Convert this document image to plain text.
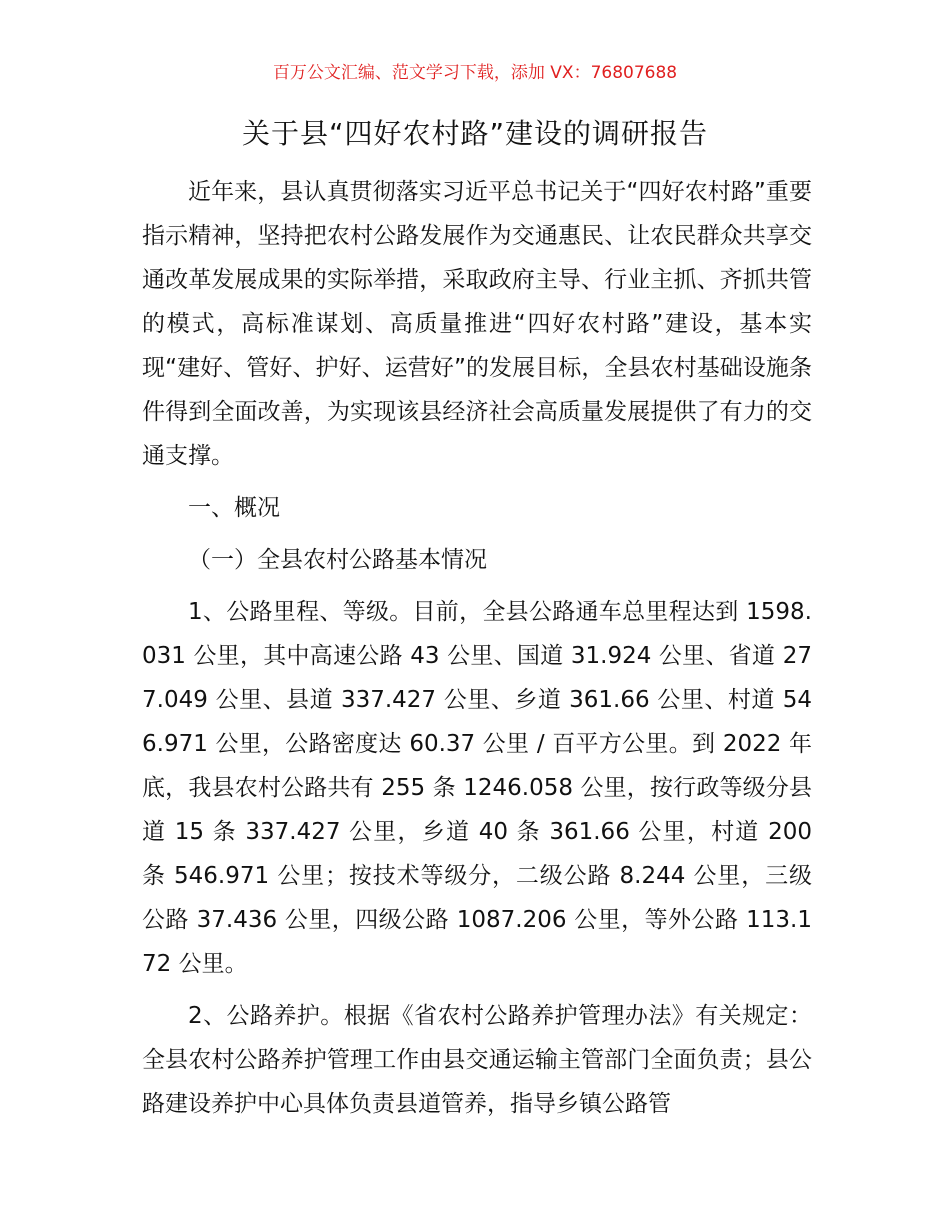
百万公文汇编、范文学习下载，添加 VX：76807688
关于县“四好农村路”建设的调研报告

近年来，县认真贯彻落实习近平总书记关于“四好农村路”重要指示精神，坚持把农村公路发展作为交通惠民、让农民群众共享交通改革发展成果的实际举措，采取政府主导、行业主抓、齐抓共管的模式，高标准谋划、高质量推进“四好农村路”建设，基本实现“建好、管好、护好、运营好”的发展目标，全县农村基础设施条件得到全面改善，为实现该县经济社会高质量发展提供了有力的交通支撑。

一、概况

（一）全县农村公路基本情况

1、公路里程、等级。目前，全县公路通车总里程达到 1598.031 公里，其中高速公路 43 公里、国道 31.924 公里、省道 277.049 公里、县道 337.427 公里、乡道 361.66 公里、村道 546.971 公里，公路密度达 60.37 公里 / 百平方公里。到 2022 年底，我县农村公路共有 255 条 1246.058 公里，按行政等级分县道 15 条 337.427 公里，乡道 40 条 361.66 公里，村道 200 条 546.971 公里；按技术等级分，二级公路 8.244 公里，三级公路 37.436 公里，四级公路 1087.206 公里，等外公路 113.172 公里。

2、公路养护。根据《省农村公路养护管理办法》有关规定：全县农村公路养护管理工作由县交通运输主管部门全面负责；县公路建设养护中心具体负责县道管养，指导乡镇公路管
